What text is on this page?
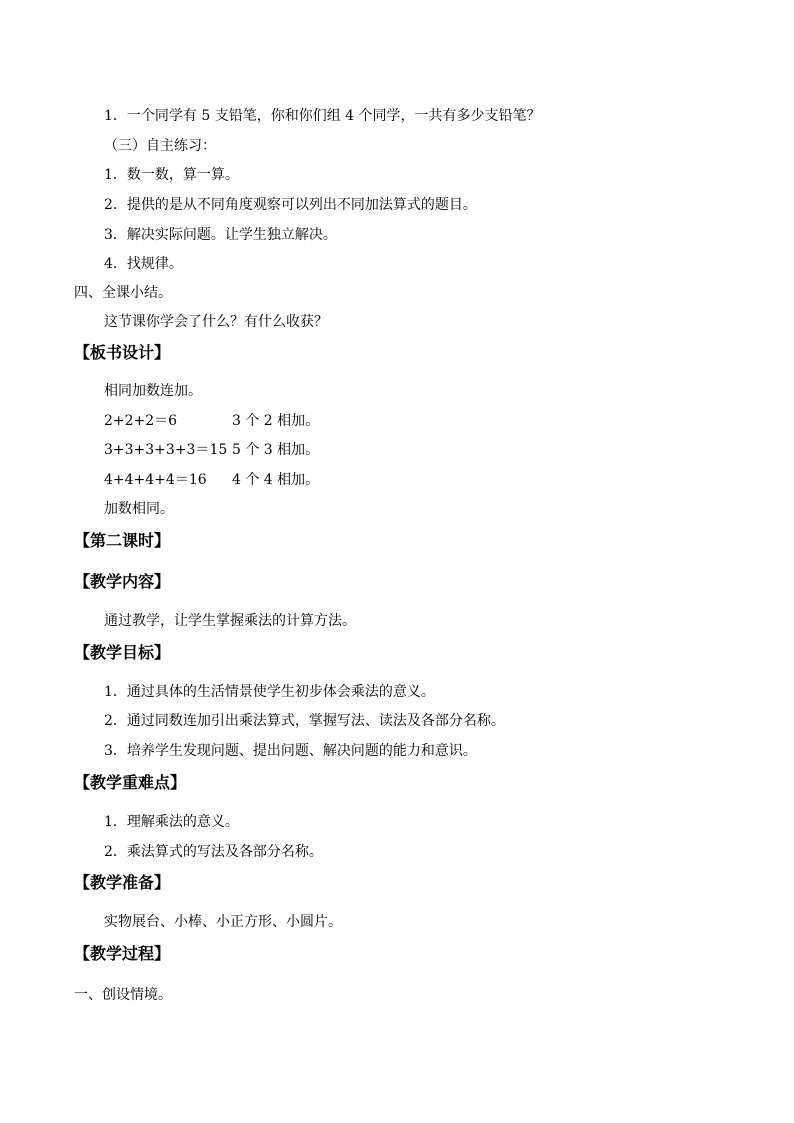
1．一个同学有 5 支铅笔，你和你们组 4 个同学，一共有多少支铅笔？
（三）自主练习：
1．数一数，算一算。
2．提供的是从不同角度观察可以列出不同加法算式的题目。
3．解决实际问题。让学生独立解决。
4．找规律。
四、全课小结。
这节课你学会了什么？有什么收获？
【板书设计】
相同加数连加。
2+2+2＝6	3 个 2 相加。
3+3+3+3+3＝15 5 个 3 相加。
4+4+4+4＝16 4 个 4 相加。
加数相同。
【第二课时】
【教学内容】
通过教学，让学生掌握乘法的计算方法。
【教学目标】
1．通过具体的生活情景使学生初步体会乘法的意义。
2．通过同数连加引出乘法算式，掌握写法、读法及各部分名称。
3．培养学生发现问题、提出问题、解决问题的能力和意识。
【教学重难点】
1．理解乘法的意义。
2．乘法算式的写法及各部分名称。
【教学准备】
实物展台、小棒、小正方形、小圆片。
【教学过程】
一、创设情境。
